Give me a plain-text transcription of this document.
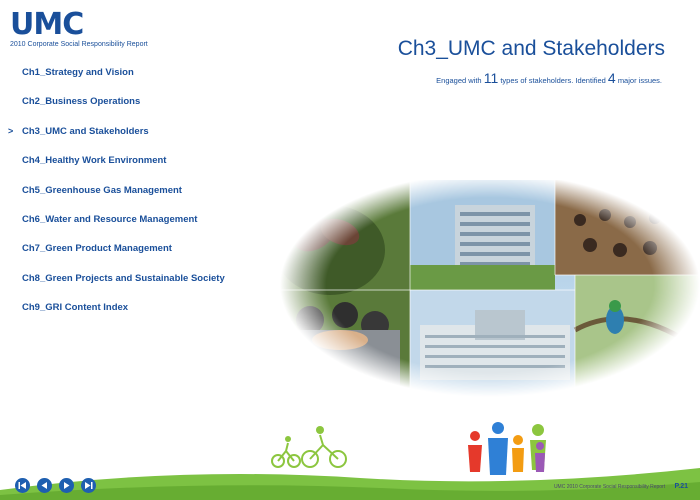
UMC
2010 Corporate Social Responsibility Report
Ch1_Strategy and Vision
Ch2_Business Operations
> Ch3_UMC and Stakeholders
Ch4_Healthy Work Environment
Ch5_Greenhouse Gas Management
Ch6_Water and Resource Management
Ch7_Green Product Management
Ch8_Green Projects and Sustainable Society
Ch9_GRI Content Index
Ch3_UMC and Stakeholders
Engaged with 11 types of stakeholders. Identified 4 major issues.
UMC 2010 Corporate Social Responsibility Report P.21
